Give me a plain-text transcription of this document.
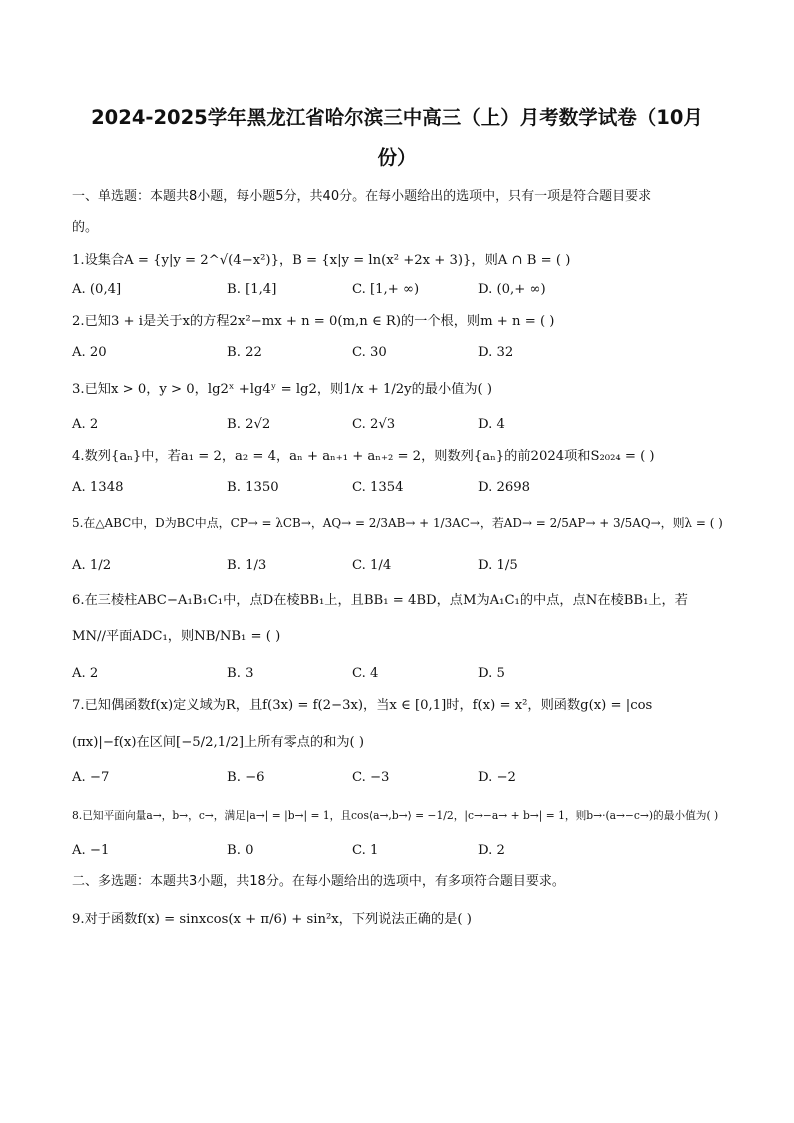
2024-2025学年黑龙江省哈尔滨三中高三（上）月考数学试卷（10月
份）
一、单选题：本题共8小题，每小题5分，共40分。在每小题给出的选项中，只有一项是符合题目要求
的。
1.设集合A = {y|y = 2^√(4−x²)}，B = {x|y = ln(x² +2x + 3)}，则A ∩ B = ( )
A. (0,4]	B. [1,4]	C. [1,+ ∞)	D. (0,+ ∞)
2.已知3 + i是关于x的方程2x²−mx + n = 0(m,n ∈ R)的一个根，则m + n = ( )
A. 20	B. 22	C. 30	D. 32
3.已知x > 0，y > 0，lg2ˣ +lg4ʸ = lg2，则1/x + 1/2y的最小值为( )
A. 2	B. 2√2	C. 2√3	D. 4
4.数列{aₙ}中，若a₁ = 2，a₂ = 4，aₙ + aₙ₊₁ + aₙ₊₂ = 2，则数列{aₙ}的前2024项和S₂₀₂₄ = ( )
A. 1348	B. 1350	C. 1354	D. 2698
5.在△ABC中，D为BC中点，CP→ = λCB→，AQ→ = 2/3AB→ + 1/3AC→，若AD→ = 2/5AP→ + 3/5AQ→，则λ = ( )
A. 1/2	B. 1/3	C. 1/4	D. 1/5
6.在三棱柱ABC−A₁B₁C₁中，点D在棱BB₁上，且BB₁ = 4BD，点M为A₁C₁的中点，点N在棱BB₁上，若
MN//平面ADC₁，则NB/NB₁ = ( )
A. 2	B. 3	C. 4	D. 5
7.已知偶函数f(x)定义域为R，且f(3x) = f(2−3x)，当x ∈ [0,1]时，f(x) = x²，则函数g(x) = |cos
(πx)|−f(x)在区间[−5/2,1/2]上所有零点的和为( )
A. −7	B. −6	C. −3	D. −2
8.已知平面向量a→，b→，c→，满足|a→| = |b→| = 1，且cos⟨a→,b→⟩ = −1/2，|c→−a→ + b→| = 1，则b→·(a→−c→)的最小值为( )
A. −1	B. 0	C. 1	D. 2
二、多选题：本题共3小题，共18分。在每小题给出的选项中，有多项符合题目要求。
9.对于函数f(x) = sinxcos(x + π/6) + sin²x，下列说法正确的是( )
